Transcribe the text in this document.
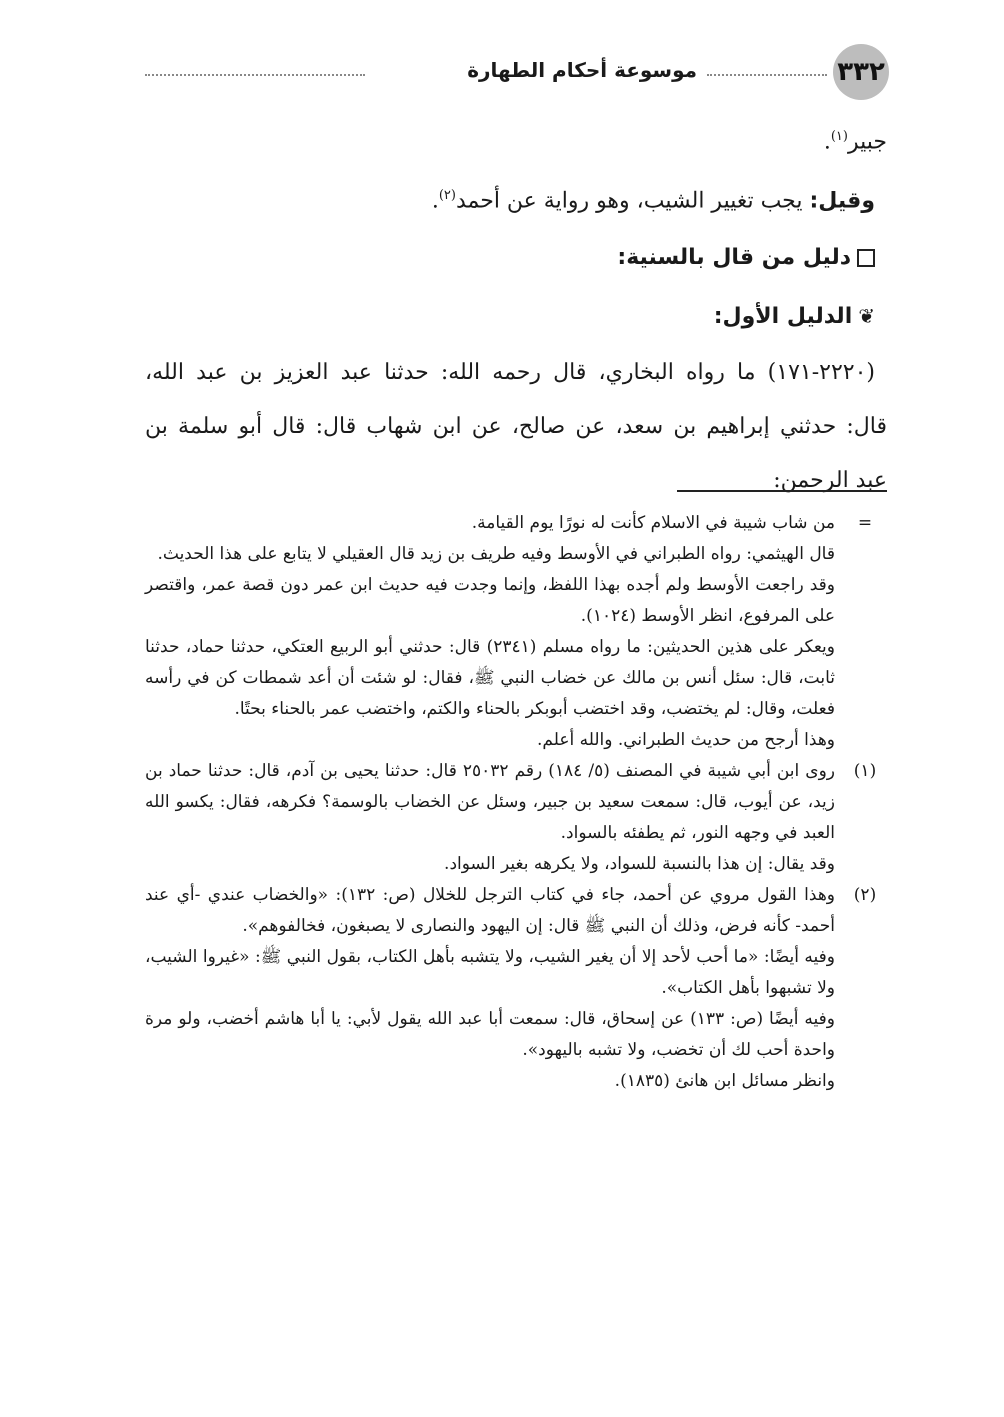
٣٣٢
موسوعة أحكام الطهارة

جبير$^{(١)}$.

وقيل: يجب تغيير الشيب، وهو رواية عن أحمد$^{(٢)}$.

دليل من قال بالسنية:

❦الدليل الأول:

(٢٢٢٠-١٧١) ما رواه البخاري، قال رحمه الله: حدثنا عبد العزيز بن عبد الله،

قال: حدثني إبراهيم بن سعد، عن صالح، عن ابن شهاب قال: قال أبو سلمة بن

عبد الرحمن:

=

من شاب شيبة في الاسلام كأنت له نورًا يوم القيامة.

قال الهيثمي: رواه الطبراني في الأوسط وفيه طريف بن زيد قال العقيلي لا يتابع على هذا الحديث.

وقد راجعت الأوسط ولم أجده بهذا اللفظ، وإنما وجدت فيه حديث ابن عمر دون قصة عمر، واقتصر على المرفوع، انظر الأوسط (١٠٢٤).

ويعكر على هذين الحديثين: ما رواه مسلم (٢٣٤١) قال: حدثني أبو الربيع العتكي، حدثنا حماد، حدثنا ثابت، قال: سئل أنس بن مالك عن خضاب النبي ﷺ، فقال: لو شئت أن أعد شمطات كن في رأسه فعلت، وقال: لم يختضب، وقد اختضب أبوبكر بالحناء والكتم، واختضب عمر بالحناء بحتًا.

وهذا أرجح من حديث الطبراني. والله أعلم.

(١)

روى ابن أبي شيبة في المصنف (٥/ ١٨٤) رقم ٢٥٠٣٢ قال: حدثنا يحيى بن آدم، قال: حدثنا حماد بن زيد، عن أيوب، قال: سمعت سعيد بن جبير، وسئل عن الخضاب بالوسمة؟ فكرهه، فقال: يكسو الله العبد في وجهه النور، ثم يطفئه بالسواد.

وقد يقال: إن هذا بالنسبة للسواد، ولا يكرهه بغير السواد.

(٢)

وهذا القول مروي عن أحمد، جاء في كتاب الترجل للخلال (ص: ١٣٢): «والخضاب عندي -أي عند أحمد- كأنه فرض، وذلك أن النبي ﷺ قال: إن اليهود والنصارى لا يصبغون، فخالفوهم».

وفيه أيضًا: «ما أحب لأحد إلا أن يغير الشيب، ولا يتشبه بأهل الكتاب، بقول النبي ﷺ: «غيروا الشيب، ولا تشبهوا بأهل الكتاب».

وفيه أيضًا (ص: ١٣٣) عن إسحاق، قال: سمعت أبا عبد الله يقول لأبي: يا أبا هاشم أخضب، ولو مرة واحدة أحب لك أن تخضب، ولا تشبه باليهود».

وانظر مسائل ابن هانئ (١٨٣٥).
